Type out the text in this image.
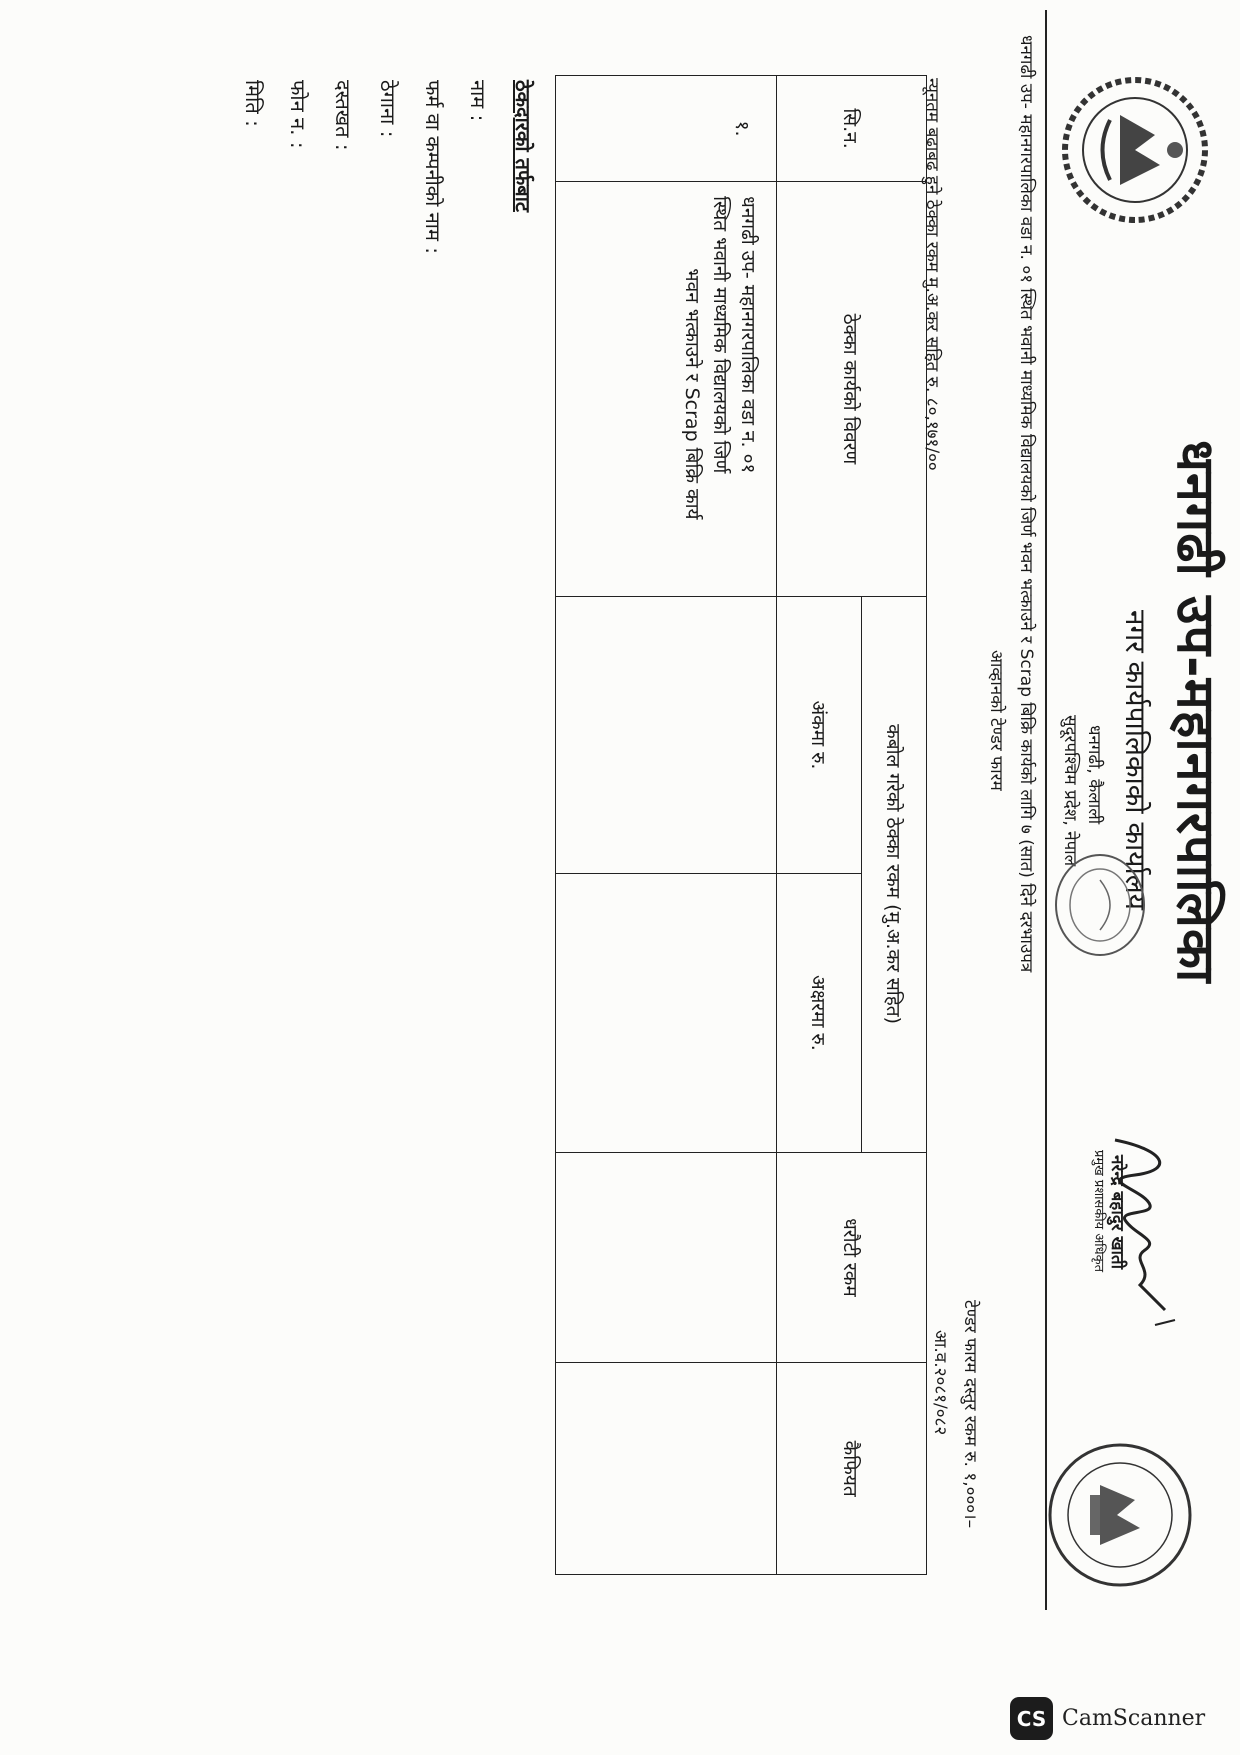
धनगढी उप-महानगरपालिका
नगर कार्यपालिकाको कार्यालय
धनगढी, कैलाली
सुदूरपश्चिम प्रदेश, नेपाल
नरेन्द्र बहादुर खाती
प्रमुख प्रशासकीय अधिकृत
धनगढी उप- महानगरपालिका वडा न. ०१ स्थित भवानी माध्यमिक विद्यालयको जिर्ण भवन भत्काउने र Scrap बिक्रि कार्यको लागि ७ (सात) दिने दरभाउपत्र
आव्हानको टेण्डर फारम
टेण्डर फारम दस्तुर रकम रु. १,०००।–
आ.व.२०८१/०८२
न्यूनतम बढाबढ हुने ठेक्का रकम मु.अ.कर सहित रु. ८०,१७१/००
सि.न.	ठेक्का कार्यको विवरण	कबोल गरेको ठेक्का रकम (मु.अ.कर सहित)		धरौटी रकम	कैफियत
		अंकमा रु.	अक्षरमा रु.		
१.	धनगढी उप- महानगरपालिका वडा न. ०१
स्थित भवानी माध्यमिक विद्यालयको जिर्ण
भवन भत्काउने र Scrap बिक्रि कार्य				

ठेकदारको तर्फबाट
नाम :
फर्म वा कम्पनीको नाम :
ठेगाना :
दस्तखत :
फोन न. :
मिति :
CS CamScanner
